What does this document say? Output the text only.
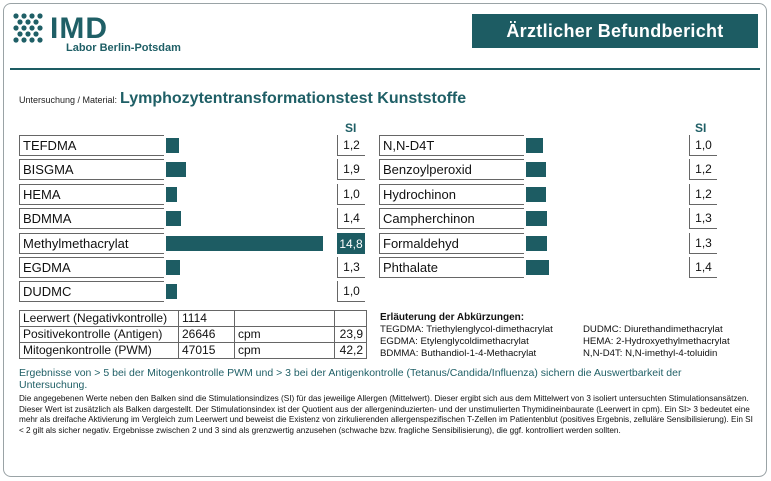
IMD
Labor Berlin-Potsdam
Ärztlicher Befundbericht
Untersuchung / Material: Lymphozytentransformationstest Kunststoffe
SI	SI
TEFDMA	1,2
BISGMA	1,9
HEMA	1,0
BDMMA	1,4
Methylmethacrylat	14,8
EGDMA	1,3
DUDMC	1,0
N,N-D4T	1,0
Benzoylperoxid	1,2
Hydrochinon	1,2
Campherchinon	1,3
Formaldehyd	1,3
Phthalate	1,4
Leerwert (Negativkontrolle)	1114		
Positivekontrolle (Antigen)	26646	cpm	23,9
Mitogenkontrolle (PWM)	47015	cpm	42,2
Erläuterung der Abkürzungen:
TEGDMA: Triethylenglycol-dimethacrylat	DUDMC: Diurethandimethacrylat
EGDMA: Etylenglycoldimethacrylat	HEMA: 2-Hydroxyethylmethacrylat
BDMMA: Buthandiol-1-4-Methacrylat	N,N-D4T: N,N-imethyl-4-toluidin
Ergebnisse von > 5 bei der Mitogenkontrolle PWM und > 3 bei der Antigenkontrolle (Tetanus/Candida/Influenza) sichern die Auswertbarkeit der Untersuchung.
Die angegebenen Werte neben den Balken sind die Stimulationsindizes (SI) für das jeweilige Allergen (Mittelwert). Dieser ergibt sich aus dem Mittelwert von 3 isoliert untersuchten Stimulationsansätzen. Dieser Wert ist zusätzlich als Balken dargestellt. Der Stimulationsindex ist der Quotient aus der allergeninduzierten- und der unstimulierten Thymidineinbaurate (Leerwert in cpm). Ein SI> 3 bedeutet eine mehr als dreifache Aktivierung im Vergleich zum Leerwert und beweist die Existenz von zirkulierenden allergenspezifischen T-Zellen im Patientenblut (positives Ergebnis, zelluläre Sensibilisierung). Ein SI < 2 gilt als sicher negativ. Ergebnisse zwischen 2 und 3 sind als grenzwertig anzusehen (schwache bzw. fragliche Sensibilisierung), die ggf. kontrolliert werden sollten.
